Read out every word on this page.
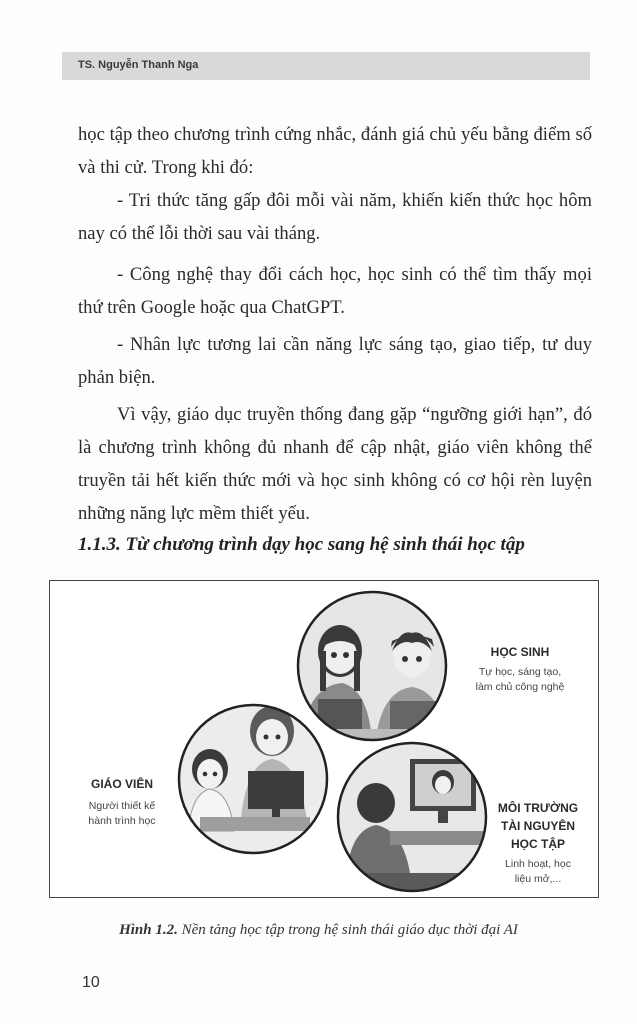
TS. Nguyễn Thanh Nga

học tập theo chương trình cứng nhắc, đánh giá chủ yếu bằng điểm số và thi cử. Trong khi đó:

- Tri thức tăng gấp đôi mỗi vài năm, khiến kiến thức học hôm nay có thể lỗi thời sau vài tháng.

- Công nghệ thay đổi cách học, học sinh có thể tìm thấy mọi thứ trên Google hoặc qua ChatGPT.

- Nhân lực tương lai cần năng lực sáng tạo, giao tiếp, tư duy phản biện.

Vì vậy, giáo dục truyền thống đang gặp “ngưỡng giới hạn”, đó là chương trình không đủ nhanh để cập nhật, giáo viên không thể truyền tải hết kiến thức mới và học sinh không có cơ hội rèn luyện những năng lực mềm thiết yếu.

1.1.3. Từ chương trình dạy học sang hệ sinh thái học tập
HỌC SINH
Tự học, sáng tạo,
làm chủ công nghệ
GIÁO VIÊN
Người thiết kế
hành trình học
MÔI TRƯỜNG
TÀI NGUYÊN
HỌC TẬP
Linh hoạt, học
liệu mở,...
Hình 1.2. Nền tảng học tập trong hệ sinh thái giáo dục thời đại AI
10
